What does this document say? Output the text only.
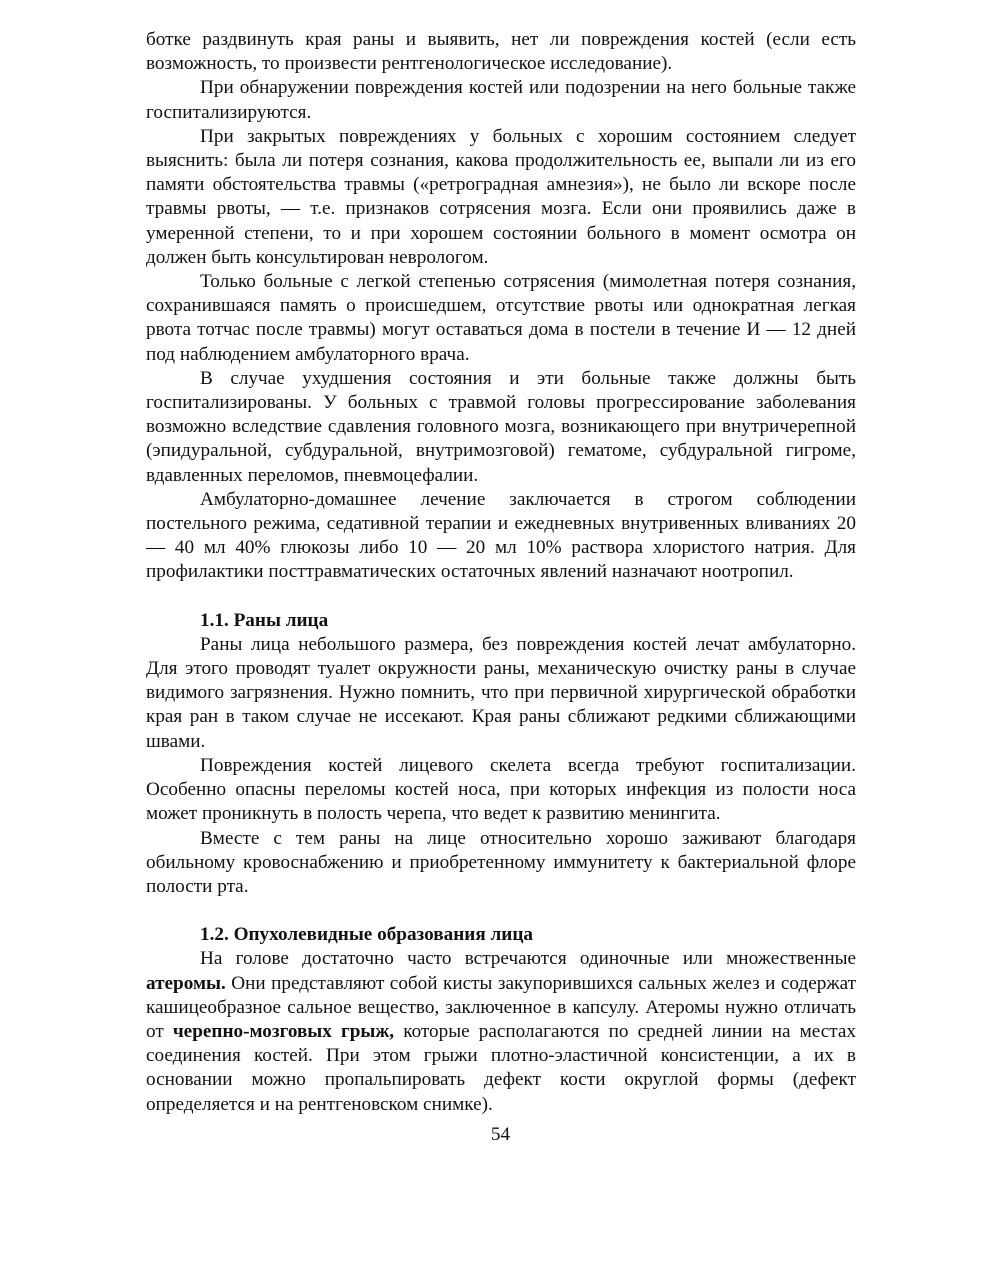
ботке раздвинуть края раны и выявить, нет ли повреждения костей (если есть возможность, то произвести рентгенологическое исследование).

При обнаружении повреждения костей или подозрении на него больные также госпитализируются.

При закрытых повреждениях у больных с хорошим состоянием следует выяснить: была ли потеря сознания, какова продолжительность ее, выпали ли из его памяти обстоятельства травмы («ретроградная амнезия»), не было ли вскоре после травмы рвоты, — т.е. признаков сотрясения мозга. Если они проявились даже в умеренной степени, то и при хорошем состоянии больного в момент осмотра он должен быть консультирован неврологом.

Только больные с легкой степенью сотрясения (мимолетная потеря сознания, сохранившаяся память о происшедшем, отсутствие рвоты или однократная легкая рвота тотчас после травмы) могут оставаться дома в постели в течение И — 12 дней под наблюдением амбулаторного врача.

В случае ухудшения состояния и эти больные также должны быть госпитализированы. У больных с травмой головы прогрессирование заболевания возможно вследствие сдавления головного мозга, возникающего при внутричерепной (эпидуральной, субдуральной, внутримозговой) гематоме, субдуральной гигроме, вдавленных переломов, пневмоцефалии.

Амбулаторно-домашнее лечение заключается в строгом соблюдении постельного режима, седативной терапии и ежедневных внутривенных вливаниях 20 — 40 мл 40% глюкозы либо 10 — 20 мл 10% раствора хлористого натрия. Для профилактики посттравматических остаточных явлений назначают ноотропил.

1.1. Раны лица

Раны лица небольшого размера, без повреждения костей лечат амбулаторно. Для этого проводят туалет окружности раны, механическую очистку раны в случае видимого загрязнения. Нужно помнить, что при первичной хирургической обработки края ран в таком случае не иссекают. Края раны сближают редкими сближающими швами.

Повреждения костей лицевого скелета всегда требуют госпитализации. Особенно опасны переломы костей носа, при которых инфекция из полости носа может проникнуть в полость черепа, что ведет к развитию менингита.

Вместе с тем раны на лице относительно хорошо заживают благодаря обильному кровоснабжению и приобретенному иммунитету к бактериальной флоре полости рта.

1.2. Опухолевидные образования лица

На голове достаточно часто встречаются одиночные или множественные атеромы. Они представляют собой кисты закупорившихся сальных желез и содержат кашицеобразное сальное вещество, заключенное в капсулу. Атеромы нужно отличать от черепно-мозговых грыж, которые располагаются по средней линии на местах соединения костей. При этом грыжи плотно-эластичной консистенции, а их в основании можно пропальпировать дефект кости округлой формы (дефект определяется и на рентгеновском снимке).

54
